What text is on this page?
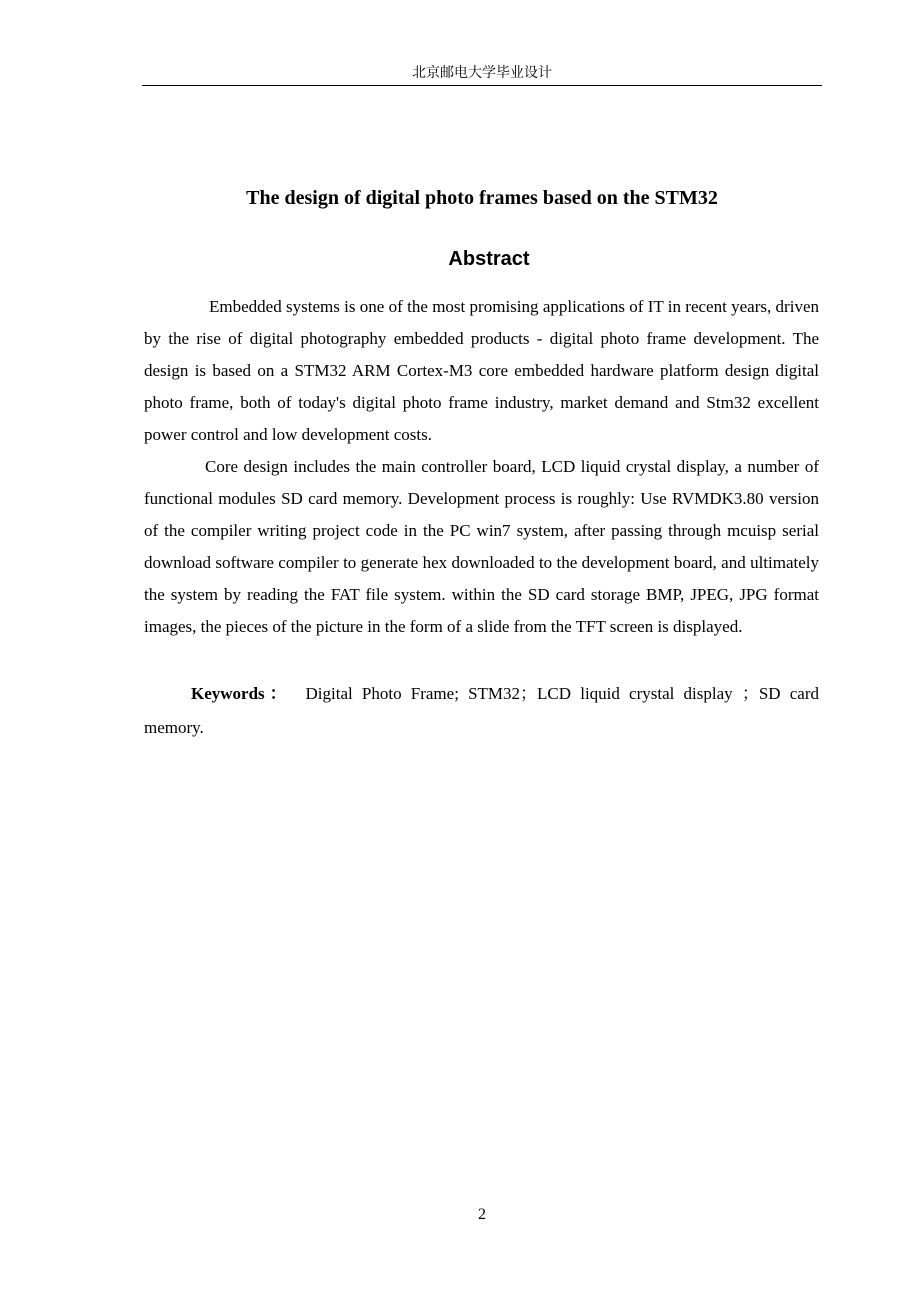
北京邮电大学毕业设计
The design of digital photo frames based on the STM32
Abstract

Embedded systems is one of the most promising applications of IT in recent years, driven by the rise of digital photography embedded products - digital photo frame development. The design is based on a STM32 ARM Cortex-M3 core embedded hardware platform design digital photo frame, both of today's digital photo frame industry, market demand and Stm32 excellent power control and low development costs.

Core design includes the main controller board, LCD liquid crystal display, a number of functional modules SD card memory. Development process is roughly: Use RVMDK3.80 version of the compiler writing project code in the PC win7 system, after passing through mcuisp serial download software compiler to generate hex downloaded to the development board, and ultimately the system by reading the FAT file system. within the SD card storage BMP, JPEG, JPG format images, the pieces of the picture in the form of a slide from the TFT screen is displayed.

Keywords： Digital Photo Frame; STM32；LCD liquid crystal display ；SD card memory.
2
